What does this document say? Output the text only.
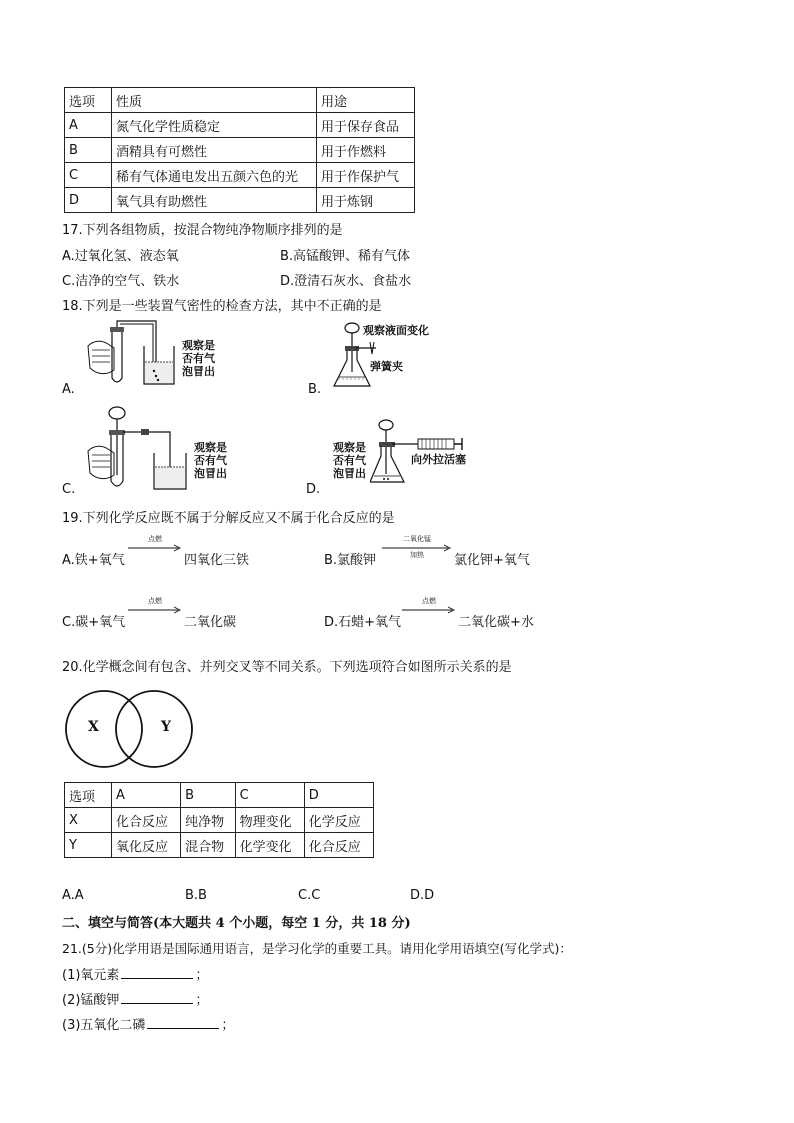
选项	性质	用途
A	氮气化学性质稳定	用于保存食品
B	酒精具有可燃性	用于作燃料
C	稀有气体通电发出五颜六色的光	用于作保护气
D	氧气具有助燃性	用于炼钢
17.下列各组物质，按混合物纯净物顺序排列的是
A.过氧化氢、液态氧	B.高锰酸钾、稀有气体
C.洁净的空气、铁水	D.澄清石灰水、食盐水
18.下列是一些装置气密性的检查方法，其中不正确的是
观察是
否有气
泡冒出
A.
观察液面变化
弹簧夹
B.
观察是
否有气
泡冒出
C.
观察是
否有气
泡冒出
向外拉活塞
D.
19.下列化学反应既不属于分解反应又不属于化合反应的是
A.铁+氧气
点燃
四氧化三铁	B.氯酸钾
二氧化锰
加热	氯化钾+氧气
C.碳+氧气
点燃
二氧化碳	D.石蜡+氧气
点燃
二氧化碳+水
20.化学概念间有包含、并列交叉等不同关系。下列选项符合如图所示关系的是
X	Y
选项	A	B	C	D
X	化合反应	纯净物	物理变化	化学反应
Y	氧化反应	混合物	化学变化	化合反应
A.A	B.B	C.C	D.D
二、填空与简答(本大题共 4 个小题，每空 1 分，共 18 分)
21.(5分)化学用语是国际通用语言，是学习化学的重要工具。请用化学用语填空(写化学式)：
(1)氧元素	；
(2)锰酸钾	；
(3)五氧化二磷	；
